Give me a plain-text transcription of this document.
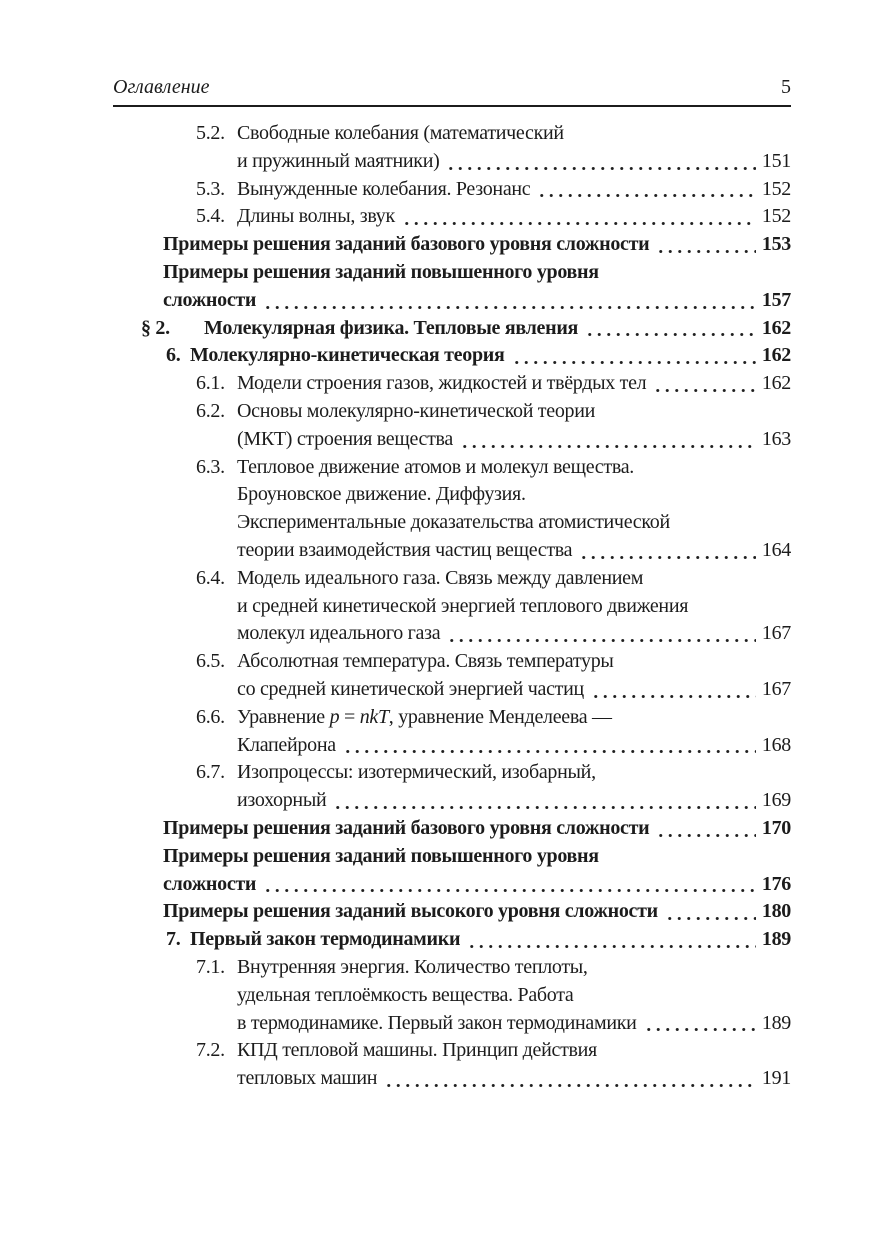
Оглавление	5
5.2. Свободные колебания (математический
и пружинный маятники)	151
5.3. Вынужденные колебания. Резонанс	152
5.4. Длины волны, звук	152
Примеры решения заданий базового уровня сложности	153
Примеры решения заданий повышенного уровня
сложности	157
§ 2.	Молекулярная физика. Тепловые явления	162
6. Молекулярно-кинетическая теория	162
6.1. Модели строения газов, жидкостей и твёрдых тел	162
6.2. Основы молекулярно-кинетической теории
(МКТ) строения вещества	163
6.3. Тепловое движение атомов и молекул вещества.
Броуновское движение. Диффузия.
Экспериментальные доказательства атомистической
теории взаимодействия частиц вещества	164
6.4. Модель идеального газа. Связь между давлением
и средней кинетической энергией теплового движения
молекул идеального газа	167
6.5. Абсолютная температура. Связь температуры
со средней кинетической энергией частиц	167
6.6. Уравнение p = nkT, уравнение Менделеева —
Клапейрона	168
6.7. Изопроцессы: изотермический, изобарный,
изохорный	169
Примеры решения заданий базового уровня сложности	170
Примеры решения заданий повышенного уровня
сложности	176
Примеры решения заданий высокого уровня сложности	180
7. Первый закон термодинамики	189
7.1. Внутренняя энергия. Количество теплоты,
удельная теплоёмкость вещества. Работа
в термодинамике. Первый закон термодинамики	189
7.2. КПД тепловой машины. Принцип действия
тепловых машин	191
